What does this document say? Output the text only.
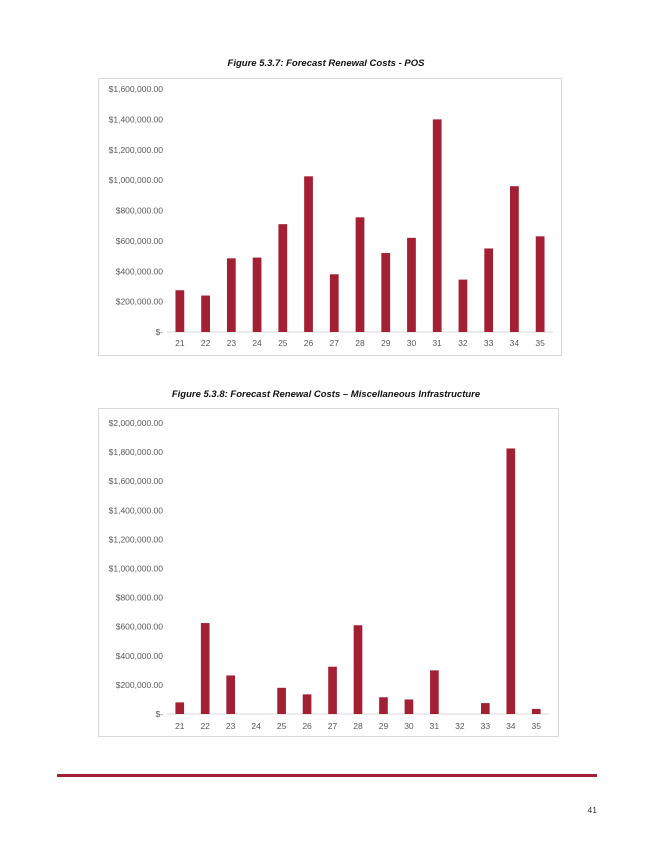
Figure 5.3.7: Forecast Renewal Costs - POS
$-
$200,000.00
$400,000.00
$600,000.00
$800,000.00
$1,000,000.00
$1,200,000.00
$1,400,000.00
$1,600,000.00
21 22 23 24 25 26 27 28 29 30 31 32 33 34 35
Figure 5.3.8: Forecast Renewal Costs – Miscellaneous Infrastructure
$-
$200,000.00
$400,000.00
$600,000.00
$800,000.00
$1,000,000.00
$1,200,000.00
$1,400,000.00
$1,600,000.00
$1,800,000.00
$2,000,000.00
21 22 23 24 25 26 27 28 29 30 31 32 33 34 35
41
